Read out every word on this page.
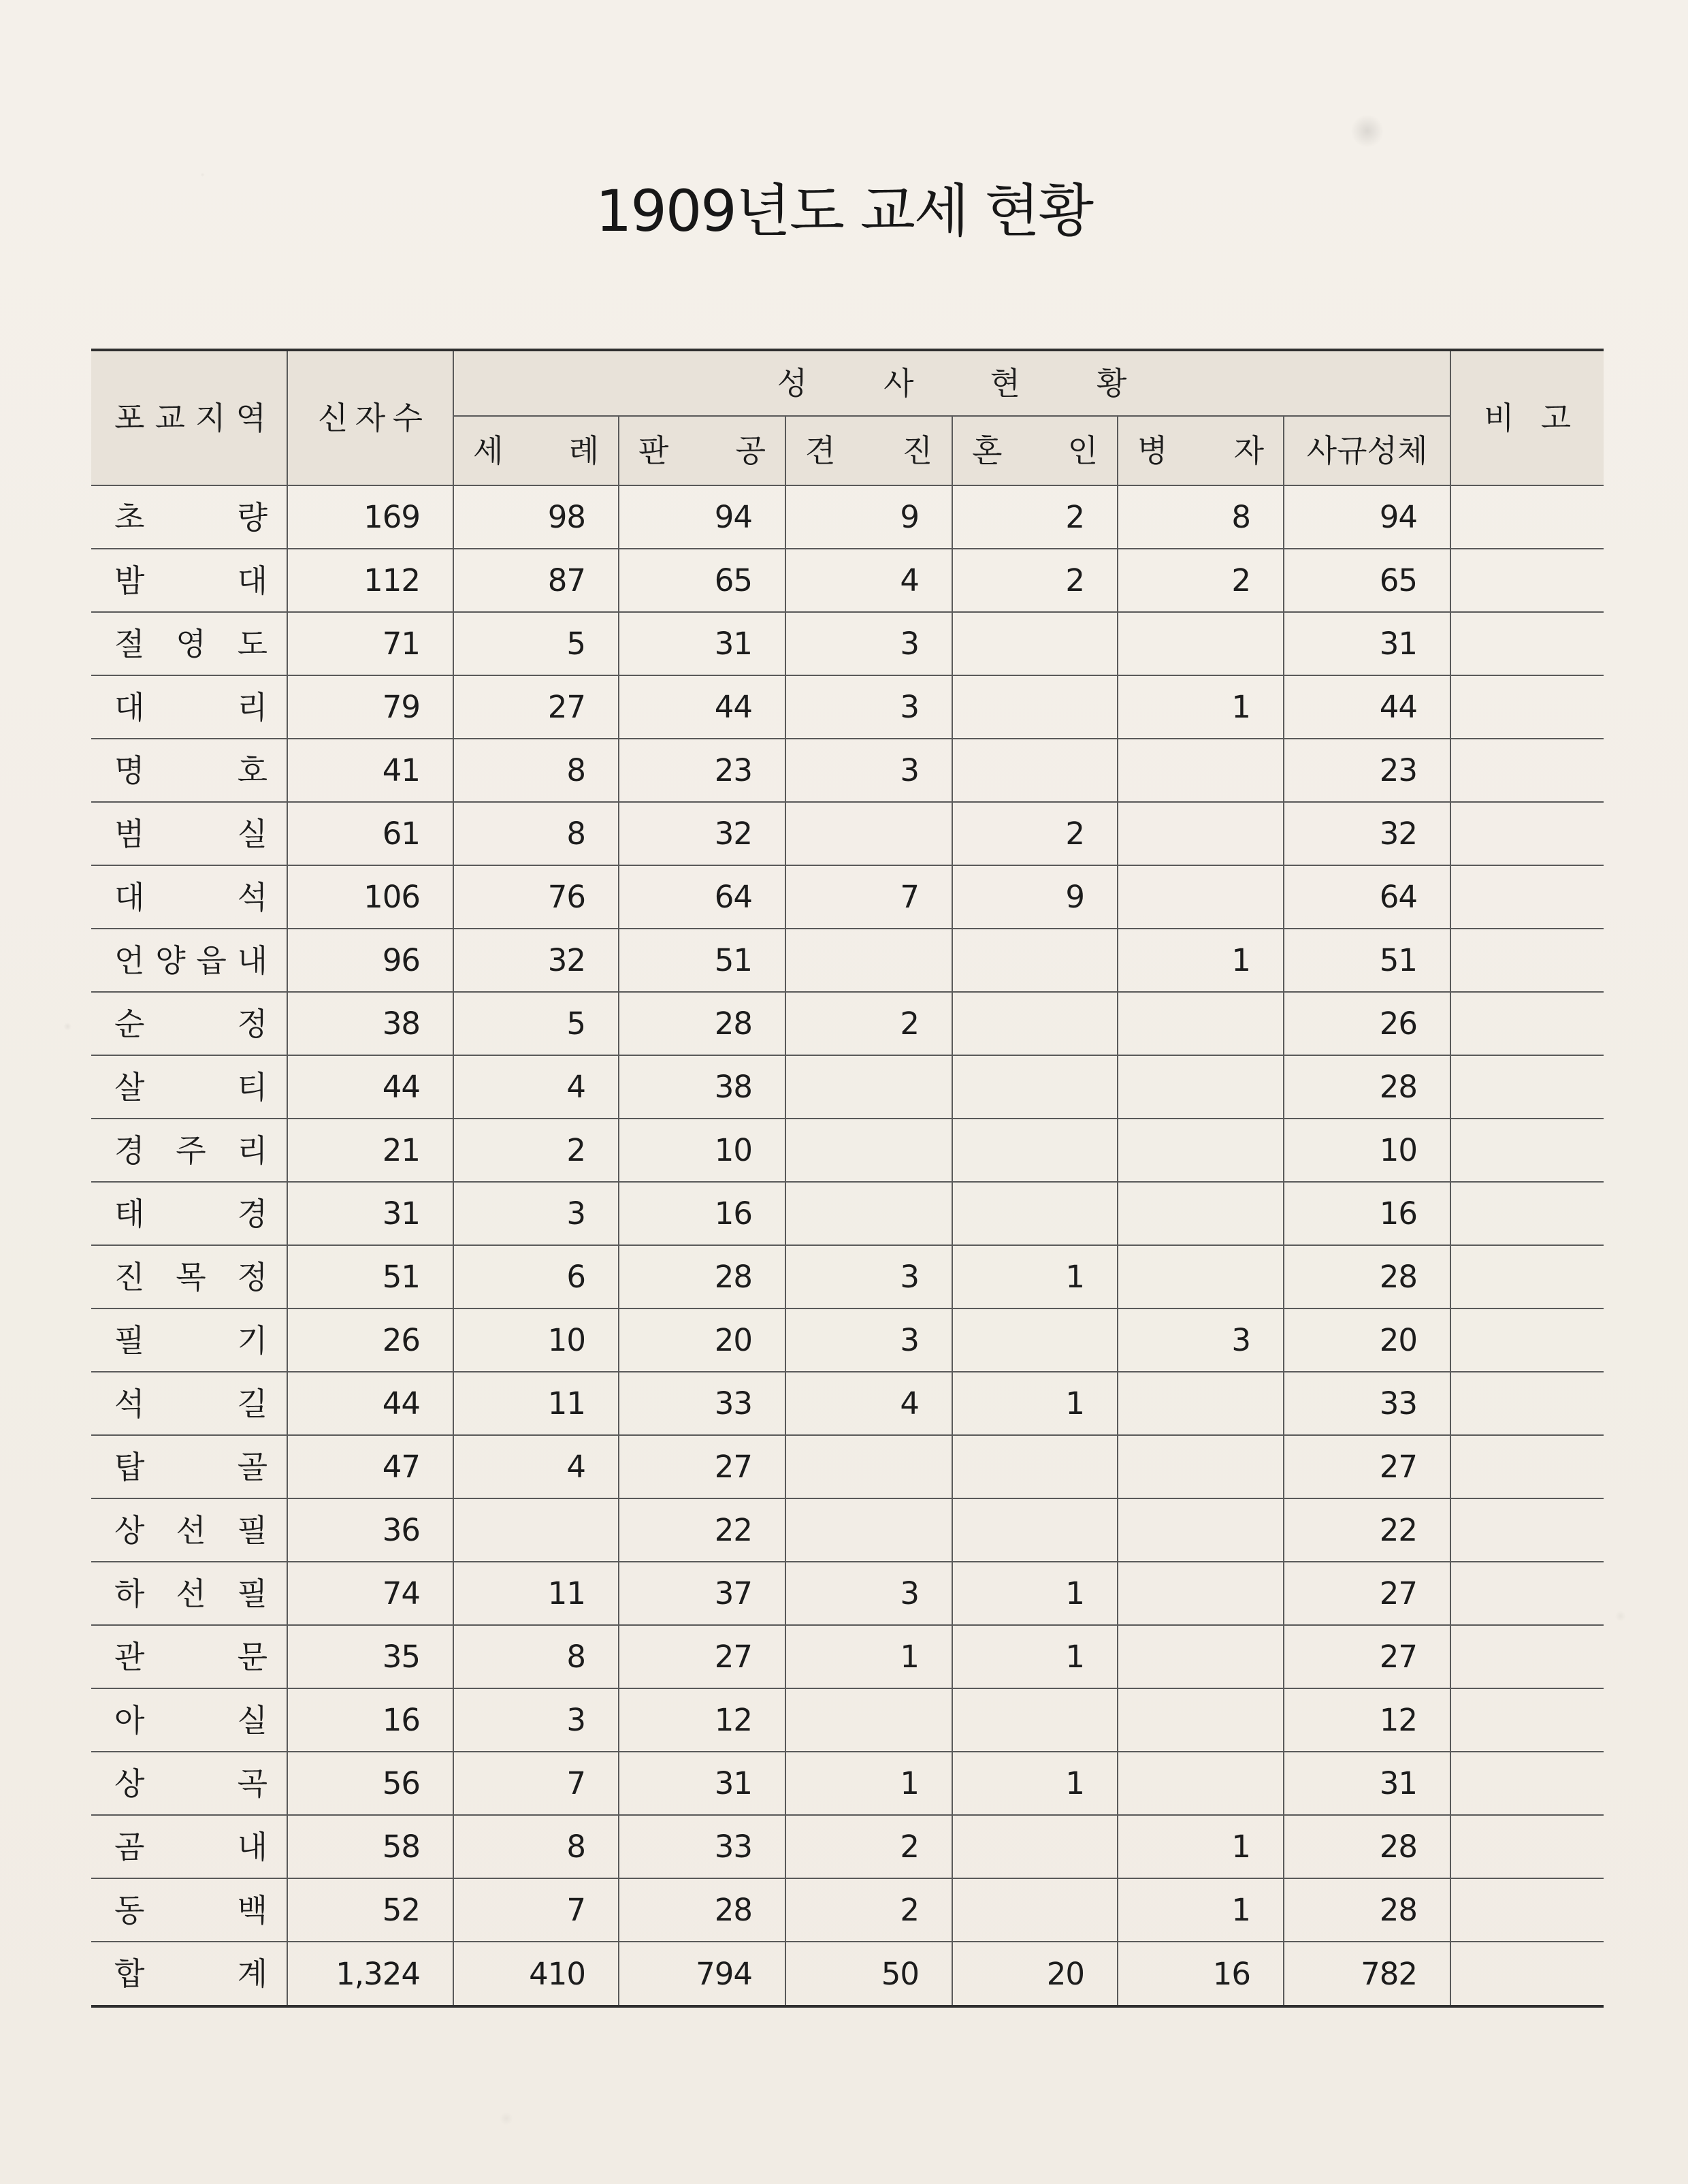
1909년도 교세 현황
포 교 지 역	신 자 수	성사현황						비 고

		세 례	판 공	견 진	혼 인	병 자	사규성체	

초 량	169	98	94	9	2	8	94	

밤 대	112	87	65	4	2	2	65	

절 영 도	71	5	31	3			31	

대 리	79	27	44	3		1	44	

명 호	41	8	23	3			23	

범 실	61	8	32		2		32	

대 석	106	76	64	7	9		64	

언 양 읍 내	96	32	51			1	51	

순 정	38	5	28	2			26	

살 티	44	4	38				28	

경 주 리	21	2	10				10	

태 경	31	3	16				16	

진 목 정	51	6	28	3	1		28	

필 기	26	10	20	3		3	20	

석 길	44	11	33	4	1		33	

탑 골	47	4	27				27	

상 선 필	36		22				22	

하 선 필	74	11	37	3	1		27	

관 문	35	8	27	1	1		27	

아 실	16	3	12				12	

상 곡	56	7	31	1	1		31	

곰 내	58	8	33	2		1	28	

동 백	52	7	28	2		1	28	

합 계	1,324	410	794	50	20	16	782	
